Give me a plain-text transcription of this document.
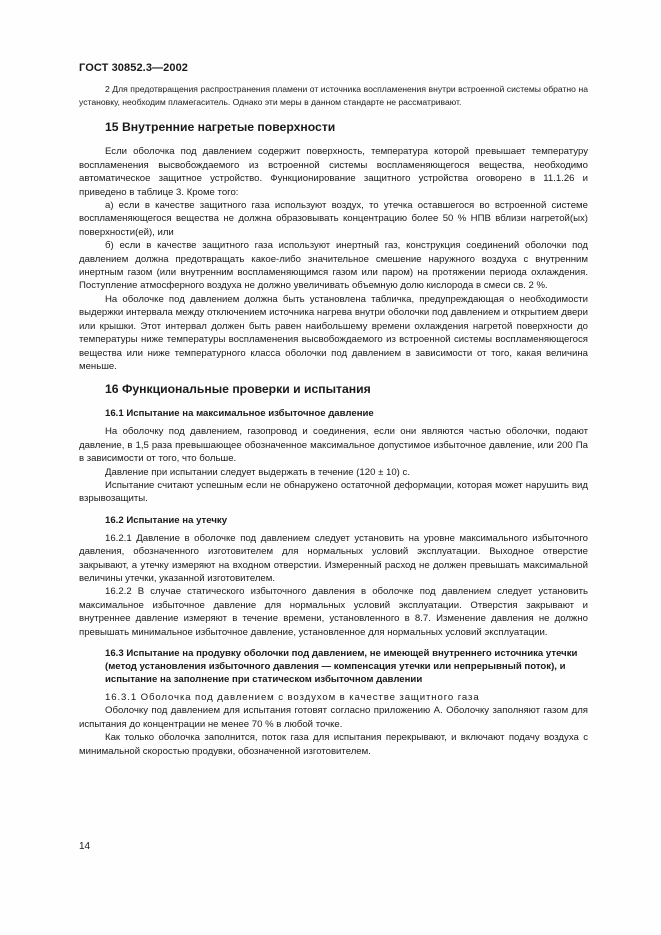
ГОСТ 30852.3—2002
2 Для предотвращения распространения пламени от источника воспламенения внутри встроенной системы обратно на установку, необходим пламегаситель. Однако эти меры в данном стандарте не рассматривают.
15 Внутренние нагретые поверхности

Если оболочка под давлением содержит поверхность, температура которой превышает температуру воспламенения высвобождаемого из встроенной системы воспламеняющегося вещества, необходимо автоматическое защитное устройство. Функционирование защитного устройства оговорено в 11.1.26 и приведено в таблице 3. Кроме того:

а) если в качестве защитного газа используют воздух, то утечка оставшегося во встроенной системе воспламеняющегося вещества не должна образовывать концентрацию более 50 % НПВ вблизи нагретой(ых) поверхности(ей), или

б) если в качестве защитного газа используют инертный газ, конструкция соединений оболочки под давлением должна предотвращать какое-либо значительное смешение наружного воздуха с внутренним инертным газом (или внутренним воспламеняющимся газом или паром) на протяжении периода охлаждения. Поступление атмосферного воздуха не должно увеличивать объемную долю кислорода в смеси св. 2 %.

На оболочке под давлением должна быть установлена табличка, предупреждающая о необходимости выдержки интервала между отключением источника нагрева внутри оболочки под давлением и открытием двери или крышки. Этот интервал должен быть равен наибольшему времени охлаждения нагретой поверхности до температуры ниже температуры воспламенения высвобождаемого из встроенной системы воспламеняющегося вещества или ниже температурного класса оболочки под давлением в зависимости от того, какая величина меньше.

16 Функциональные проверки и испытания
16.1 Испытание на максимальное избыточное давление

На оболочку под давлением, газопровод и соединения, если они являются частью оболочки, подают давление, в 1,5 раза превышающее обозначенное максимальное допустимое избыточное давление, или 200 Па в зависимости от того, что больше.

Давление при испытании следует выдержать в течение (120 ± 10) с.

Испытание считают успешным если не обнаружено остаточной деформации, которая может нарушить вид взрывозащиты.

16.2 Испытание на утечку

16.2.1 Давление в оболочке под давлением следует установить на уровне максимального избыточного давления, обозначенного изготовителем для нормальных условий эксплуатации. Выходное отверстие закрывают, а утечку измеряют на входном отверстии. Измеренный расход не должен превышать максимальной величины утечки, указанной изготовителем.

16.2.2 В случае статического избыточного давления в оболочке под давлением следует установить максимальное избыточное давление для нормальных условий эксплуатации. Отверстия закрывают и внутреннее давление измеряют в течение времени, установленного в 8.7. Изменение давления не должно превышать минимальное избыточное давление, установленное для нормальных условий эксплуатации.

16.3 Испытание на продувку оболочки под давлением, не имеющей внутреннего источника утечки (метод установления избыточного давления — компенсация утечки или непрерывный поток), и испытание на заполнение при статическом избыточном давлении

16.3.1 Оболочка под давлением с воздухом в качестве защитного газа

Оболочку под давлением для испытания готовят согласно приложению А. Оболочку заполняют газом для испытания до концентрации не менее 70 % в любой точке.

Как только оболочка заполнится, поток газа для испытания перекрывают, и включают подачу воздуха с минимальной скоростью продувки, обозначенной изготовителем.

14
